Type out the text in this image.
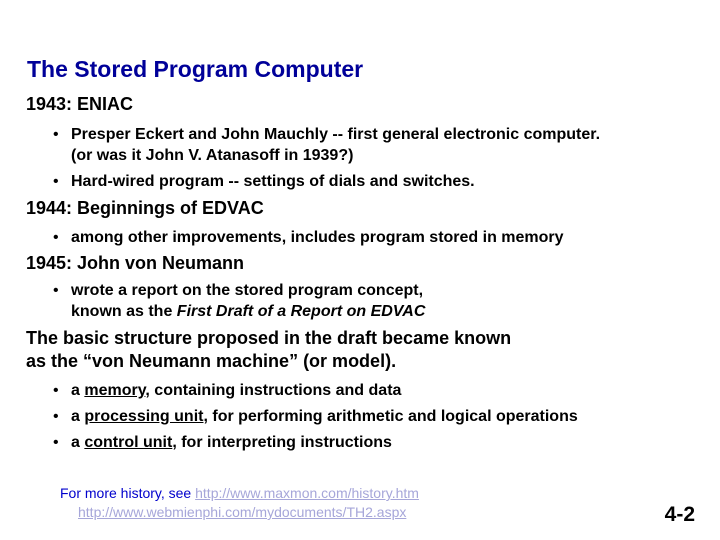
The Stored Program Computer
1943: ENIAC
• Presper Eckert and John Mauchly -- first general electronic computer.
(or was it John V. Atanasoff in 1939?)
• Hard-wired program -- settings of dials and switches.
1944: Beginnings of EDVAC
• among other improvements, includes program stored in memory
1945: John von Neumann
• wrote a report on the stored program concept,
known as the First Draft of a Report on EDVAC
The basic structure proposed in the draft became known
as the “von Neumann machine” (or model).
• a memory, containing instructions and data
• a processing unit, for performing arithmetic and logical operations
• a control unit, for interpreting instructions
For more history, see http://www.maxmon.com/history.htm
http://www.webmienphi.com/mydocuments/TH2.aspx	4-2
